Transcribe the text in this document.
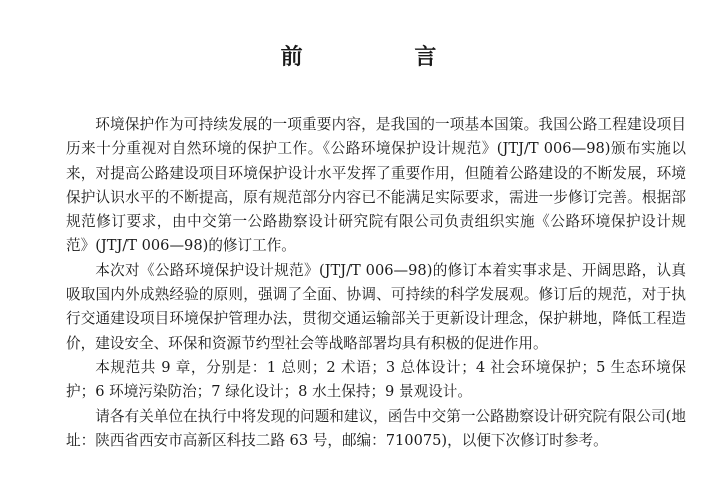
前 言

环境保护作为可持续发展的一项重要内容，是我国的一项基本国策。我国公路工程建设项目历来十分重视对自然环境的保护工作。《公路环境保护设计规范》(JTJ/T 006—98)颁布实施以来，对提高公路建设项目环境保护设计水平发挥了重要作用，但随着公路建设的不断发展，环境保护认识水平的不断提高，原有规范部分内容已不能满足实际要求，需进一步修订完善。根据部规范修订要求，由中交第一公路勘察设计研究院有限公司负责组织实施《公路环境保护设计规范》(JTJ/T 006—98)的修订工作。

本次对《公路环境保护设计规范》(JTJ/T 006—98)的修订本着实事求是、开阔思路，认真吸取国内外成熟经验的原则，强调了全面、协调、可持续的科学发展观。修订后的规范，对于执行交通建设项目环境保护管理办法，贯彻交通运输部关于更新设计理念，保护耕地，降低工程造价，建设安全、环保和资源节约型社会等战略部署均具有积极的促进作用。

本规范共 9 章，分别是：1 总则；2 术语；3 总体设计；4 社会环境保护；5 生态环境保护；6 环境污染防治；7 绿化设计；8 水土保持；9 景观设计。

请各有关单位在执行中将发现的问题和建议，函告中交第一公路勘察设计研究院有限公司(地址：陕西省西安市高新区科技二路 63 号，邮编：710075)，以便下次修订时参考。
